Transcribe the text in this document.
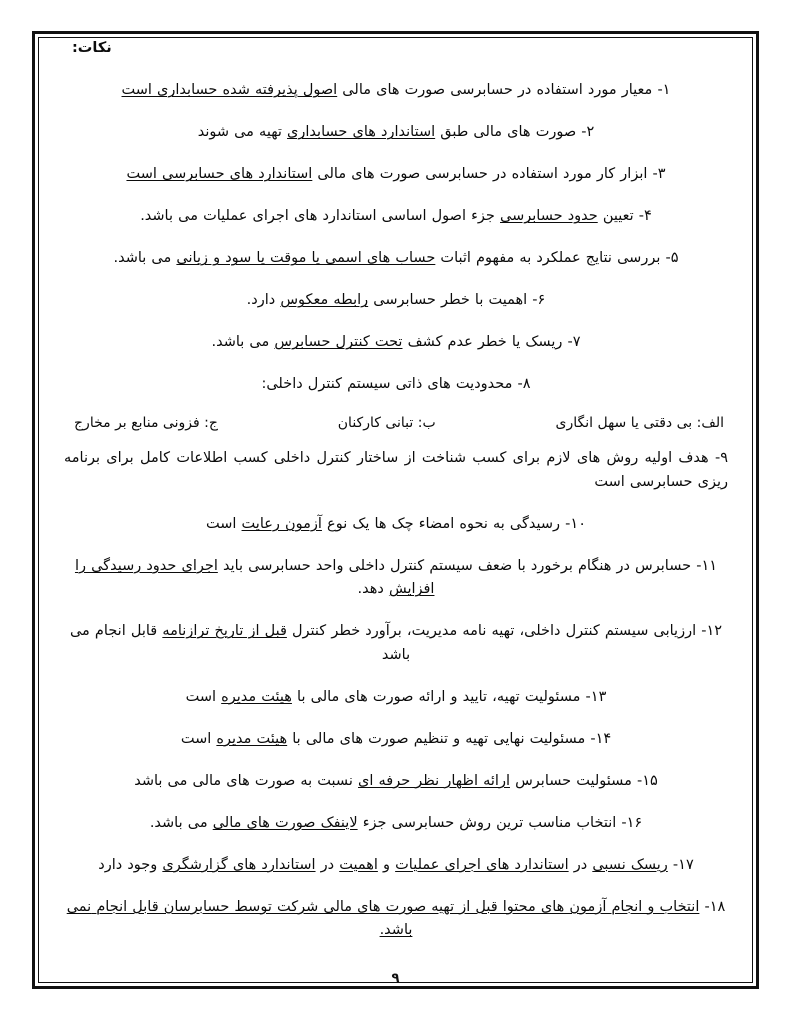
نکات:

۱- معیار مورد استفاده در حسابرسی صورت های مالی اصول پذیرفته شده حسابداری است

۲- صورت های مالی طبق استاندارد های حسابداری تهیه می شوند

۳- ابزار کار مورد استفاده در حسابرسی صورت های مالی استاندارد های حسابرسی است

۴- تعیین حدود حسابرسی جزء اصول اساسی استاندارد های اجرای عملیات می باشد.

۵- بررسی نتایج عملکرد به مفهوم اثبات حساب های اسمی یا موقت یا سود و زیانی می باشد.

۶- اهمیت با خطر حسابرسی رابطه معکوس دارد.

۷- ریسک یا خطر عدم کشف تحت کنترل حسابرس می باشد.

۸- محدودیت های ذاتی سیستم کنترل داخلی:

الف: بی دقتی یا سهل انگاری
ب: تبانی کارکنان
ج: فزونی منابع بر مخارج

۹- هدف اولیه روش های لازم برای کسب شناخت از ساختار کنترل داخلی کسب اطلاعات کامل برای برنامه ریزی حسابرسی است

۱۰- رسیدگی به نحوه امضاء چک ها یک نوع آزمون رعایت است

۱۱- حسابرس در هنگام برخورد با ضعف سیستم کنترل داخلی واحد حسابرسی باید اجرای حدود رسیدگی را افزایش دهد.

۱۲- ارزیابی سیستم کنترل داخلی، تهیه نامه مدیریت، برآورد خطر کنترل قبل از تاریخ ترازنامه قابل انجام می باشد

۱۳- مسئولیت تهیه، تایید و ارائه صورت های مالی با هیئت مدیره است

۱۴- مسئولیت نهایی تهیه و تنظیم صورت های مالی با هیئت مدیره است

۱۵- مسئولیت حسابرس ارائه اظهار نظر حرفه ای نسبت به صورت های مالی می باشد

۱۶- انتخاب مناسب ترین روش حسابرسی جزء لاینفک صورت های مالی می باشد.

۱۷- ریسک نسبی در استاندارد های اجرای عملیات و اهمیت در استاندارد های گزارشگری وجود دارد

۱۸- انتخاب و انجام آزمون های محتوا قبل از تهیه صورت های مالی شرکت توسط حسابرسان قابل انجام نمی باشد.

۹
